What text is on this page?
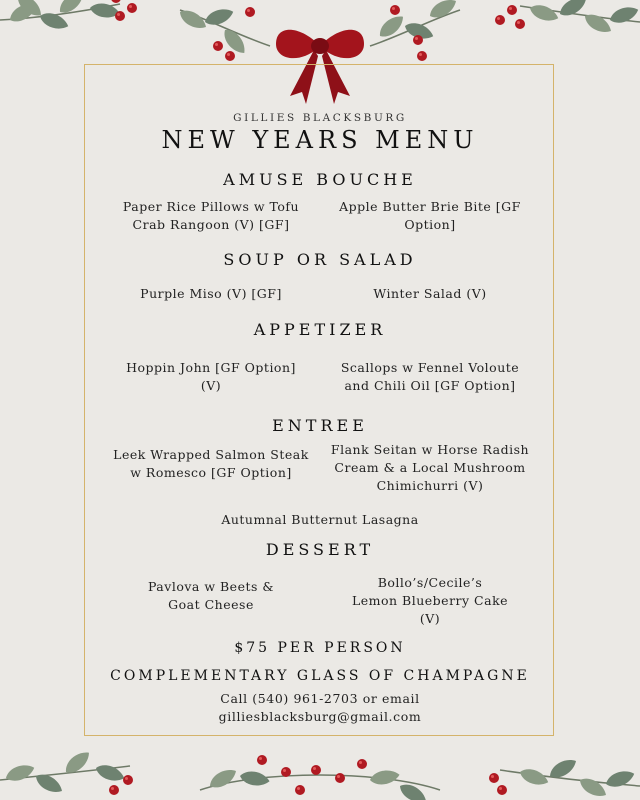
GILLIES BLACKSBURG
NEW YEARS MENU
AMUSE BOUCHE
Paper Rice Pillows w Tofu
Crab Rangoon (V) [GF]
Apple Butter Brie Bite [GF
Option]
SOUP OR SALAD
Purple Miso (V) [GF]	Winter Salad (V)
APPETIZER
Hoppin John [GF Option]
(V)
Scallops w Fennel Voloute
and Chili Oil [GF Option]
ENTREE
Leek Wrapped Salmon Steak
w Romesco [GF Option]
Flank Seitan w Horse Radish
Cream & a Local Mushroom
Chimichurri (V)
Autumnal Butternut Lasagna
DESSERT
Pavlova w Beets &
Goat Cheese
Bollo’s/Cecile’s
Lemon Blueberry Cake
(V)
$75 PER PERSON
COMPLEMENTARY GLASS OF CHAMPAGNE
Call (540) 961-2703 or email
gilliesblacksburg@gmail.com
